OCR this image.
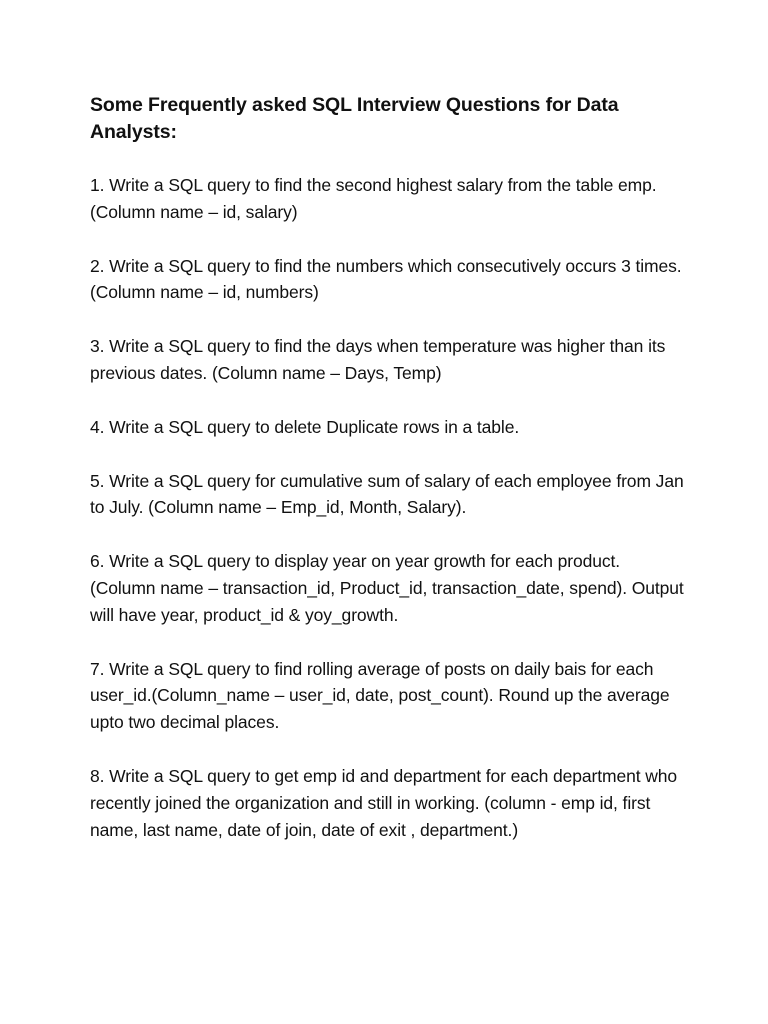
Some Frequently asked SQL Interview Questions for Data Analysts:

1. Write a SQL query to find the second highest salary from the table emp. (Column name – id, salary)

2. Write a SQL query to find the numbers which consecutively occurs 3 times. (Column name – id, numbers)

3. Write a SQL query to find the days when temperature was higher than its previous dates. (Column name – Days, Temp)

4. Write a SQL query to delete Duplicate rows in a table.

5. Write a SQL query for cumulative sum of salary of each employee from Jan to July. (Column name – Emp_id, Month, Salary).

6. Write a SQL query to display year on year growth for each product. (Column name – transaction_id, Product_id, transaction_date, spend). Output will have year, product_id & yoy_growth.

7. Write a SQL query to find rolling average of posts on daily bais for each user_id.(Column_name – user_id, date, post_count). Round up the average upto two decimal places.

8. Write a SQL query to get emp id and department for each department who recently joined the organization and still in working. (column - emp id, first name, last name, date of join, date of exit , department.)
